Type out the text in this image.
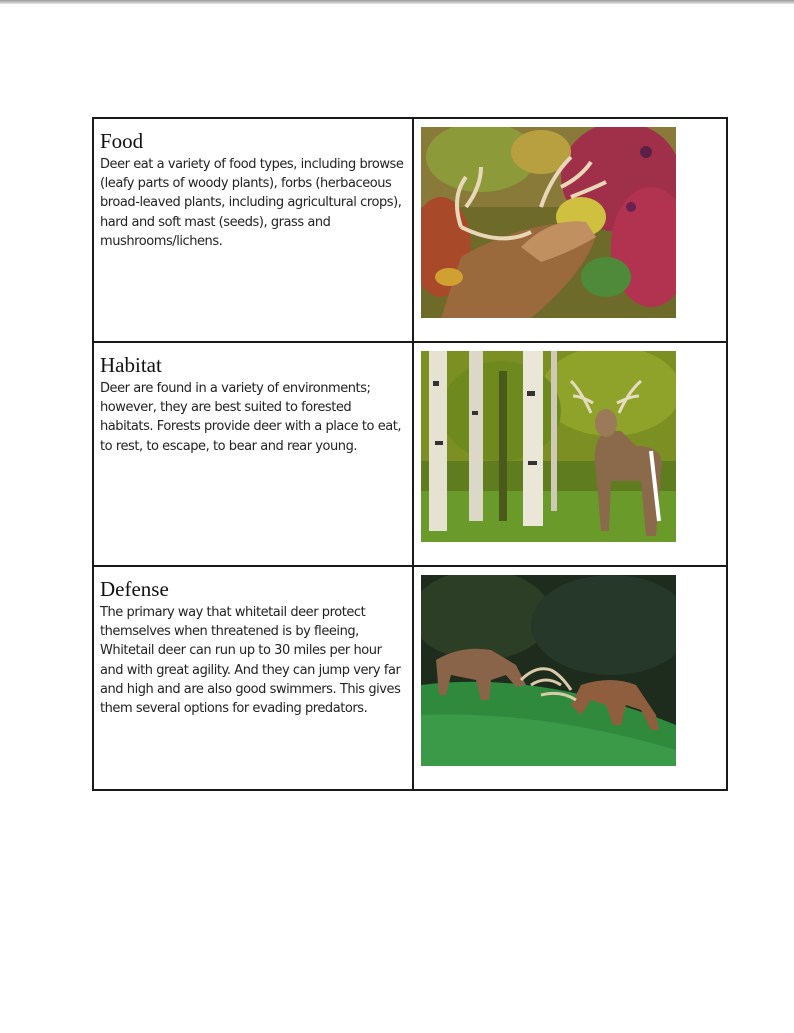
Food

Deer eat a variety of food types, including browse (leafy parts of woody plants), forbs (herbaceous broad-leaved plants, including agricultural crops), hard and soft mast (seeds), grass and mushrooms/lichens.

Habitat

Deer are found in a variety of environments; however, they are best suited to forested habitats. Forests provide deer with a place to eat, to rest, to escape, to bear and rear young.

Defense

The primary way that whitetail deer protect themselves when threatened is by fleeing, Whitetail deer can run up to 30 miles per hour and with great agility. And they can jump very far and high and are also good swimmers. This gives them several options for evading predators.
